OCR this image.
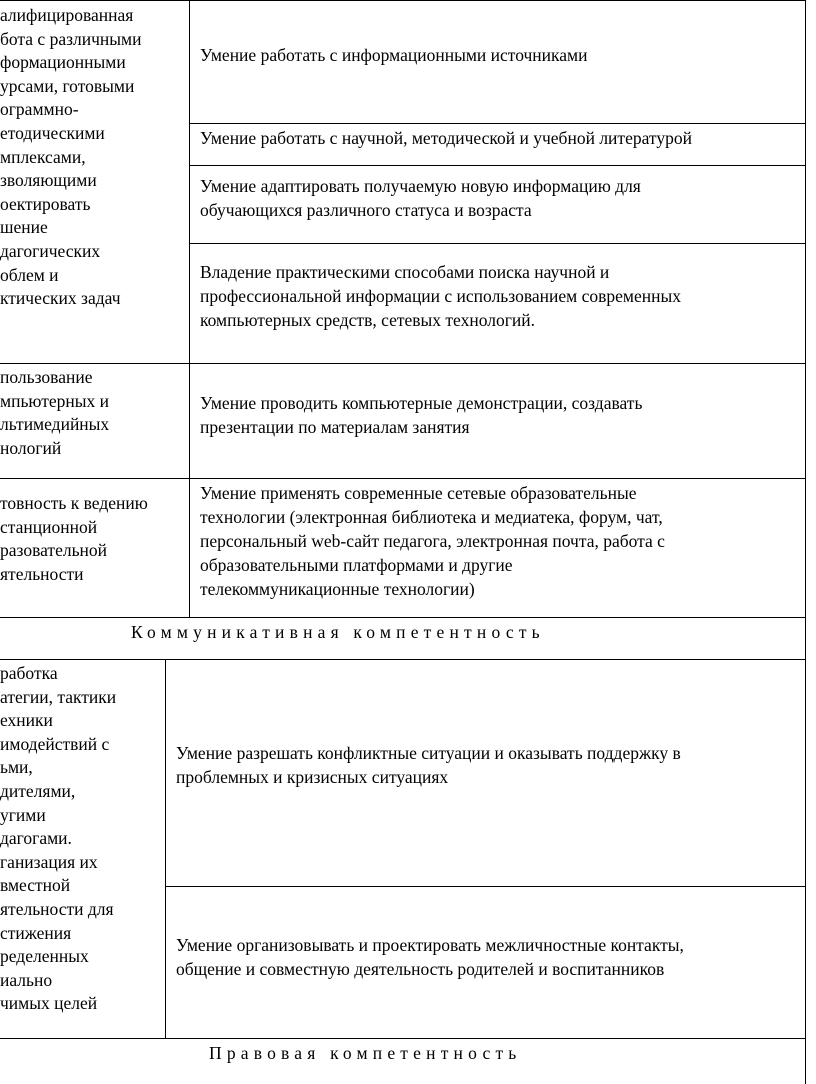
алифицированная
бота с различными
формационными
урсами, готовыми
ограммно-
етодическими
мплексами,
зволяющими
оектировать
шение
дагогических
облем и
ктических задач
Умение работать с информационными источниками
Умение работать с научной, методической и учебной литературой
Умение адаптировать получаемую новую информацию для
обучающихся различного статуса и возраста
Владение практическими способами поиска научной и
профессиональной информации с использованием современных
компьютерных средств, сетевых технологий.
пользование
мпьютерных и
льтимедийных
нологий
Умение проводить компьютерные демонстрации, создавать
презентации по материалам занятия
товность к ведению
станционной
разовательной
ятельности
Умение применять современные сетевые образовательные
технологии (электронная библиотека и медиатека, форум, чат,
персональный web-сайт педагога, электронная почта, работа с
образовательными платформами и другие
телекоммуникационные технологии)
Коммуникативная компетентность
работка
атегии, тактики
ехники
имодействий с
ьми,
дителями,
угими
дагогами.
ганизация их
вместной
ятельности для
стижения
ределенных
иально
чимых целей
Умение разрешать конфликтные ситуации и оказывать поддержку в
проблемных и кризисных ситуациях
Умение организовывать и проектировать межличностные контакты,
общение и совместную деятельность родителей и воспитанников
Правовая компетентность
